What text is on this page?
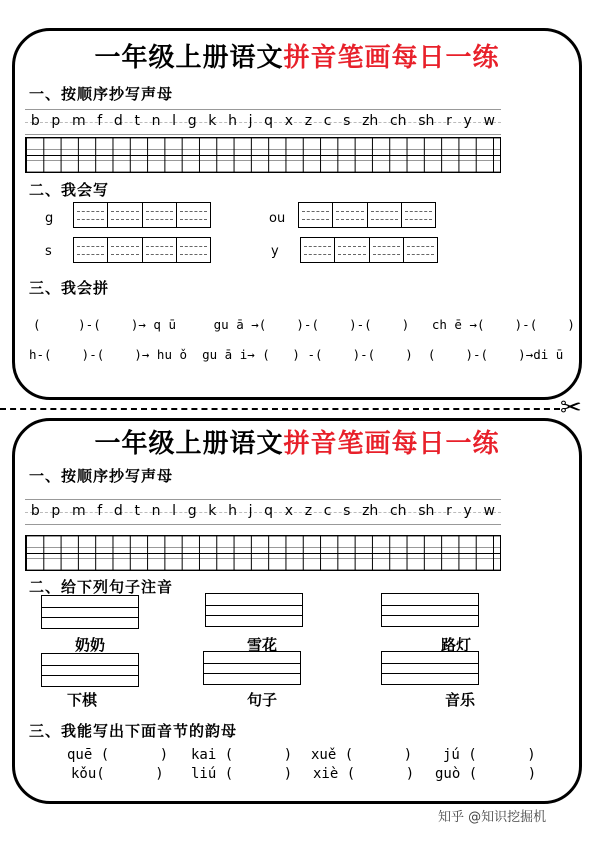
一年级上册语文拼音笔画每日一练
一、按顺序抄写声母
b p m f d t n l g k h j q x z c s zh ch sh r y w
二、我会写
g	ou
s	y
三、我会拼
(     )-(    )→ q ū     gu ā →(    )-(    )-(    )   ch ē →(    )-(    )
h-(    )-(    )→ hu ǒ  gu ā i→ (   ) -(    )-(    )  (    )-(    )→di ū
✂
一年级上册语文拼音笔画每日一练
一、按顺序抄写声母
b p m f d t n l g k h j q x z c s zh ch sh r y w
二、给下列句子注音
奶奶	雪花	路灯
下棋	句子	音乐
三、我能写出下面音节的韵母
quē (      ) kai (      ) xuě (      ) jú (      )
kǒu(      ) liú (      ) xiè (      ) guò (      )
知乎 @知识挖掘机
